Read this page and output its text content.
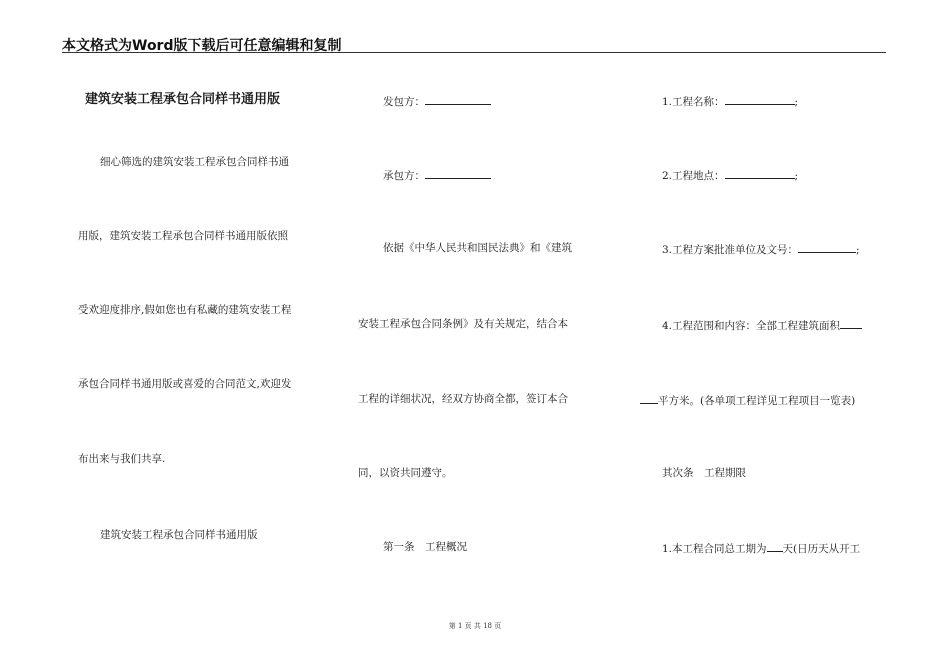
本文格式为Word版下载后可任意编辑和复制
建筑安装工程承包合同样书通用版
细心筛选的建筑安装工程承包合同样书通
用版，建筑安装工程承包合同样书通用版依照
受欢迎度排序,假如您也有私藏的建筑安装工程
承包合同样书通用版或喜爱的合同范文,欢迎发
布出来与我们共享.
建筑安装工程承包合同样书通用版
发包方：
承包方：
依据《中华人民共和国民法典》和《建筑
安装工程承包合同条例》及有关规定，结合本
工程的详细状况，经双方协商全都，签订本合
同，以资共同遵守。
第一条　工程概况
1.工程名称：	;
2.工程地点：	;
3.工程方案批准单位及文号：	;
4.工程范围和内容：全部工程建筑面积
平方米。(各单项工程详见工程项目一览表)
其次条　工程期限
1.本工程合同总工期为 天(日历天从开工
第 1 页 共 18 页
